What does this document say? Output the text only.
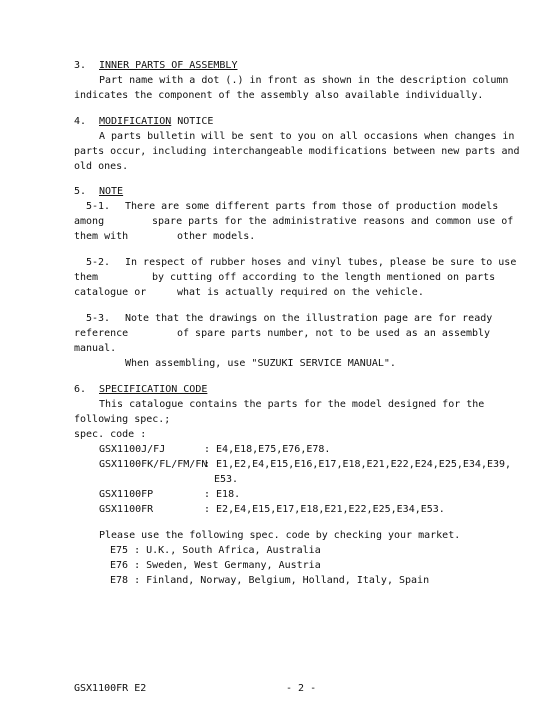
3. INNER PARTS OF ASSEMBLY
Part name with a dot (.) in front as shown in the description column
indicates the component of the assembly also available individually.
4. MODIFICATION NOTICE
A parts bulletin will be sent to you on all occasions when changes in
parts occur, including interchangeable modifications between new parts and
old ones.
5. NOTE
5-1. There are some different parts from those of production models
among	spare parts for the administrative reasons and common use of
them with	other models.
5-2. In respect of rubber hoses and vinyl tubes, please be sure to use
them	by cutting off according to the length mentioned on parts
catalogue or	what is actually required on the vehicle.
5-3. Note that the drawings on the illustration page are for ready
reference	of spare parts number, not to be used as an assembly
manual.
When assembling, use "SUZUKI SERVICE MANUAL".
6. SPECIFICATION CODE
This catalogue contains the parts for the model designed for the
following spec.;
spec. code :
GSX1100J/FJ	: E4,E18,E75,E76,E78.
GSX1100FK/FL/FM/FN
: E1,E2,E4,E15,E16,E17,E18,E21,E22,E24,E25,E34,E39,
E53.
GSX1100FP	: E18.
GSX1100FR	: E2,E4,E15,E17,E18,E21,E22,E25,E34,E53.
Please use the following spec. code by checking your market.
E75 : U.K., South Africa, Australia
E76 : Sweden, West Germany, Austria
E78 : Finland, Norway, Belgium, Holland, Italy, Spain
GSX1100FR E2	- 2 -
